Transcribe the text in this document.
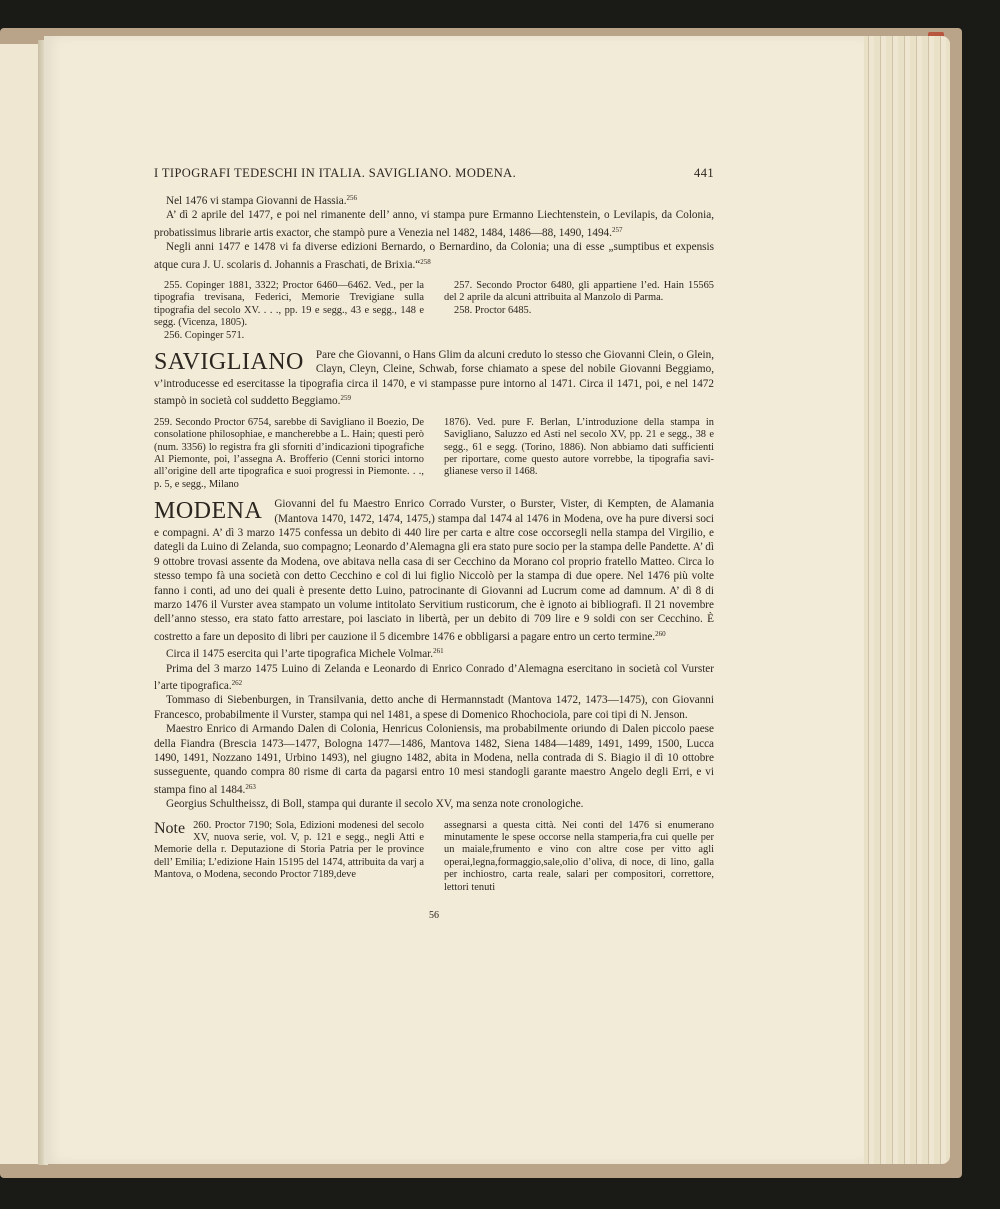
I TIPOGRAFI TEDESCHI IN ITALIA. SAVIGLIANO. MODENA.	441

Nel 1476 vi stampa Giovanni de Hassia.$^{256}$

A’ dì 2 aprile del 1477, e poi nel rimanente dell’ anno, vi stampa pure Ermanno Liechtenstein, o Levilapis, da Colonia, probatissimus librarie artis exactor, che stampò pure a Venezia nel 1482, 1484, 1486—88, 1490, 1494.$^{257}$

Negli anni 1477 e 1478 vi fa diverse edizioni Bernardo, o Bernardino, da Colonia; una di esse „sumptibus et expensis atque cura J. U. scolaris d. Johannis a Fraschati, de Brixia.“$^{258}$

255. Copinger 1881, 3322; Proctor 6460—6462. Ved., per la tipografia trevisana, Federici, Memorie Trevigiane sulla tipografia del secolo XV. . . ., pp. 19 e segg., 43 e segg., 148 e segg. (Vicenza, 1805).
256. Copinger 571.
257. Secondo Proctor 6480, gli appartiene l’ed. Hain 15565 del 2 aprile da alcuni attribuita al Manzolo di Parma.
258. Proctor 6485.
SAVIGLIANO	Pare che Giovanni, o Hans Glim da alcuni creduto lo stesso che Giovanni Clein, o Glein, Clayn, Cleyn, Cleine, Schwab, forse chiamato a spese del nobile Giovanni Beggiamo, v’introducesse ed esercitasse la tipografia circa il 1470, e vi stampasse pure intorno al 1471. Circa il 1471, poi, e nel 1472 stampò in società col suddetto Beggiamo.$^{259}$

259. Secondo Proctor 6754, sarebbe di Savigliano il Boezio, De consolatione philosophiae, e mancherebbe a L. Hain; questi però (num. 3356) lo registra fra gli sforniti d’indicazioni tipografiche Al Piemonte, poi, l’assegna A. Brofferio (Cenni storici intorno all’origine dell arte tipografica e suoi progressi in Piemonte. . ., p. 5, e segg., Milano
1876). Ved. pure F. Berlan, L’introduzione della stampa in Savigliano, Saluzzo ed Asti nel secolo XV, pp. 21 e segg., 38 e segg., 61 e segg. (Torino, 1886). Non abbiamo dati sufficienti per riportare, come questo autore vorrebbe, la tipografia saviglianese verso il 1468.
MODENA	Giovanni del fu Maestro Enrico Corrado Vurster, o Burster, Vister, di Kempten, de Alamania (Mantova 1470, 1472, 1474, 1475,) stampa dal 1474 al 1476 in Modena, ove ha pure diversi soci e compagni. A’ dì 3 marzo 1475 confessa un debito di 440 lire per carta e altre cose occorsegli nella stampa del Virgilio, e dategli da Luino di Zelanda, suo compagno; Leonardo d’Alemagna gli era stato pure socio per la stampa delle Pandette. A’ dì 9 ottobre trovasi assente da Modena, ove abitava nella casa di ser Cecchino da Morano col proprio fratello Matteo. Circa lo stesso tempo fà una società con detto Cecchino e col di lui figlio Niccolò per la stampa di due opere. Nel 1476 più volte fanno i conti, ad uno dei quali è presente detto Luino, patrocinante di Giovanni ad Lucrum come ad damnum. A’ dì 8 di marzo 1476 il Vurster avea stampato un volume intitolato Servitium rusticorum, che è ignoto ai bibliografi. Il 21 novembre dell’anno stesso, era stato fatto arrestare, poi lasciato in libertà, per un debito di 709 lire e 9 soldi con ser Cecchino. È costretto a fare un deposito di libri per cauzione il 5 dicembre 1476 e obbligarsi a pagare entro un certo termine.$^{260}$

Circa il 1475 esercita qui l’arte tipografica Michele Volmar.$^{261}$

Prima del 3 marzo 1475 Luino di Zelanda e Leonardo di Enrico Conrado d’Alemagna esercitano in società col Vurster l’arte tipografica.$^{262}$

Tommaso di Siebenburgen, in Transilvania, detto anche di Hermannstadt (Mantova 1472, 1473—1475), con Giovanni Francesco, probabilmente il Vurster, stampa qui nel 1481, a spese di Domenico Rhochociola, pare coi tipi di N. Jenson.

Maestro Enrico di Armando Dalen di Colonia, Henricus Coloniensis, ma probabilmente oriundo di Dalen piccolo paese della Fiandra (Brescia 1473—1477, Bologna 1477—1486, Mantova 1482, Siena 1484—1489, 1491, 1499, 1500, Lucca 1490, 1491, Nozzano 1491, Urbino 1493), nel giugno 1482, abita in Modena, nella contrada di S. Biagio il dì 10 ottobre susseguente, quando compra 80 risme di carta da pagarsi entro 10 mesi standogli garante maestro Angelo degli Erri, e vi stampa fino al 1484.$^{263}$

Georgius Schultheissz, di Boll, stampa qui durante il secolo XV, ma senza note cronologiche.

Note 260. Proctor 7190; Sola, Edizioni modenesi del secolo XV, nuova serie, vol. V, p. 121 e segg., negli Atti e Memorie della r. Deputazione di Storia Patria per le province dell’ Emilia; L’edizione Hain 15195 del 1474, attribuita da varj a Mantova, o Modena, secondo Proctor 7189,deve
assegnarsi a questa città. Nei conti del 1476 si enumerano minutamente le spese occorse nella stamperia,fra cui quelle per un maiale,frumento e vino con altre cose per vitto agli operai,legna,formaggio,sale,olio d’oliva, di noce, di lino, galla per inchiostro, carta reale, salari per compositori, correttore, lettori tenuti
56
